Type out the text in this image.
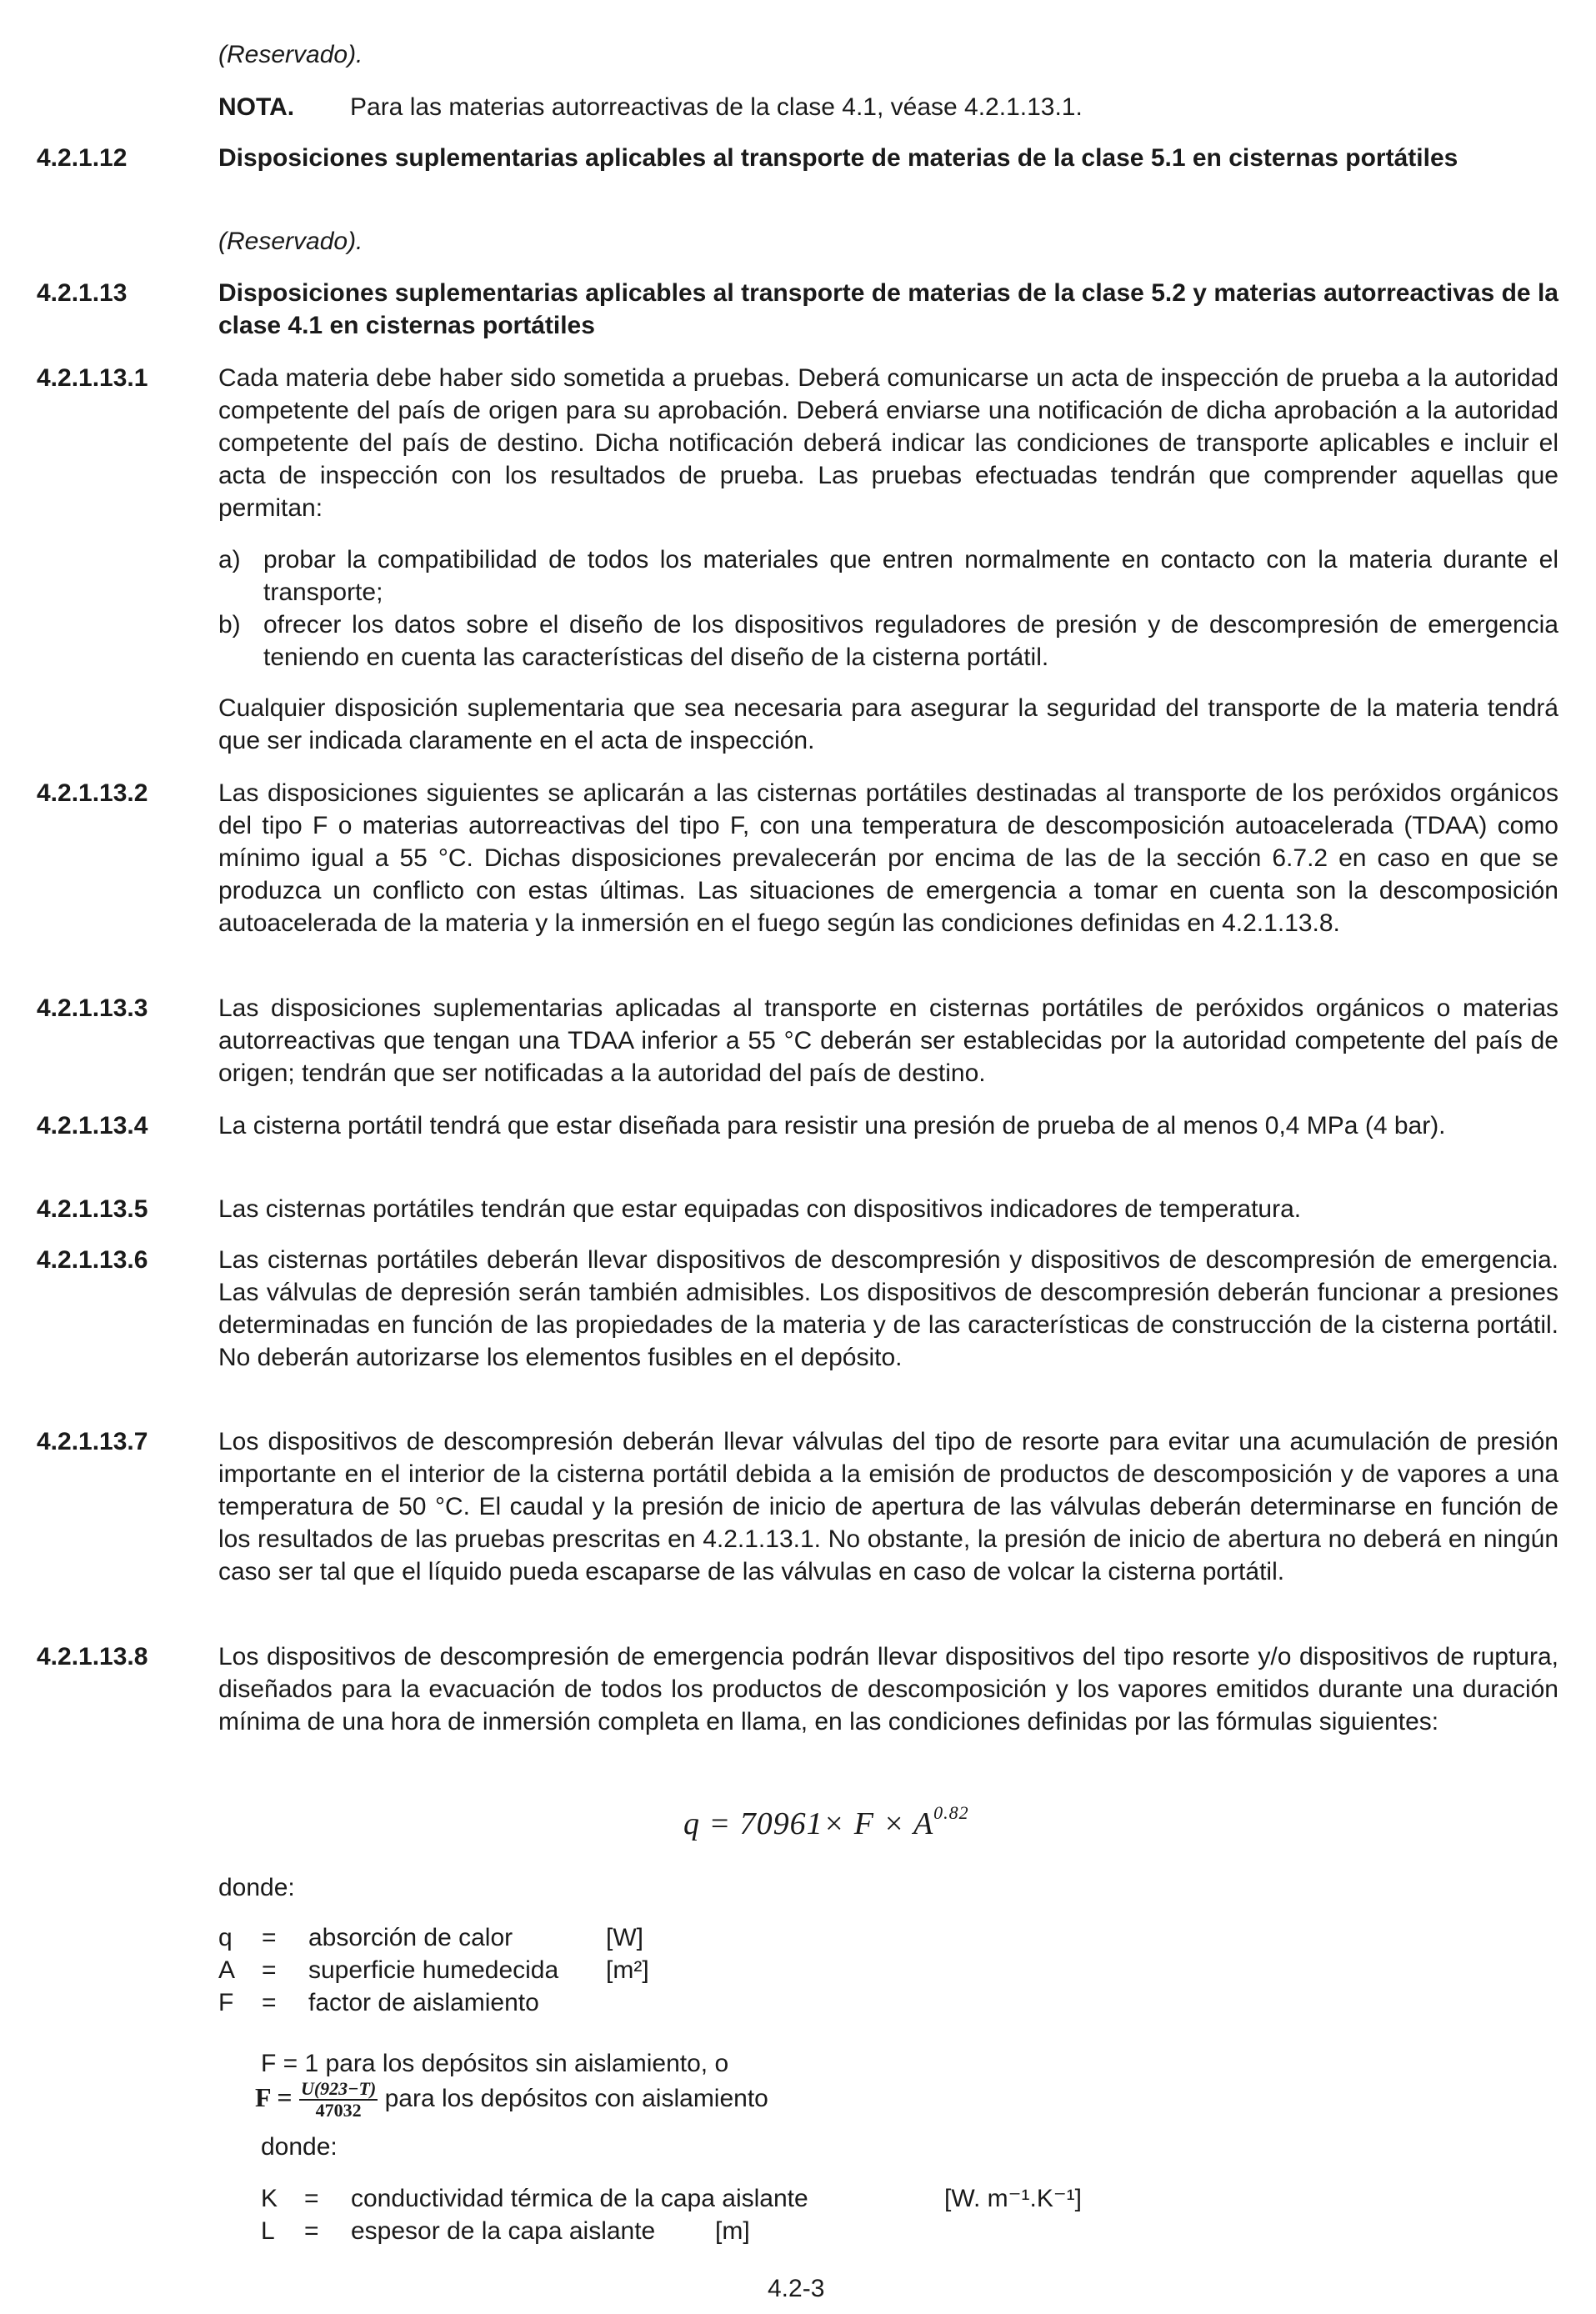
(Reservado).
NOTA. Para las materias autorreactivas de la clase 4.1, véase 4.2.1.13.1.
4.2.1.12	Disposiciones suplementarias aplicables al transporte de materias de la clase 5.1 en cisternas portátiles
(Reservado).
4.2.1.13	Disposiciones suplementarias aplicables al transporte de materias de la clase 5.2 y materias autorreactivas de la clase 4.1 en cisternas portátiles
4.2.1.13.1	Cada materia debe haber sido sometida a pruebas. Deberá comunicarse un acta de inspección de prueba a la autoridad competente del país de origen para su aprobación. Deberá enviarse una notificación de dicha aprobación a la autoridad competente del país de destino. Dicha notificación deberá indicar las condiciones de transporte aplicables e incluir el acta de inspección con los resultados de prueba. Las pruebas efectuadas tendrán que comprender aquellas que permitan:
a) probar la compatibilidad de todos los materiales que entren normalmente en contacto con la materia durante el transporte;
b) ofrecer los datos sobre el diseño de los dispositivos reguladores de presión y de descompresión de emergencia teniendo en cuenta las características del diseño de la cisterna portátil.
Cualquier disposición suplementaria que sea necesaria para asegurar la seguridad del transporte de la materia tendrá que ser indicada claramente en el acta de inspección.
4.2.1.13.2	Las disposiciones siguientes se aplicarán a las cisternas portátiles destinadas al transporte de los peróxidos orgánicos del tipo F o materias autorreactivas del tipo F, con una temperatura de descomposición autoacelerada (TDAA) como mínimo igual a 55 °C. Dichas disposiciones prevalecerán por encima de las de la sección 6.7.2 en caso en que se produzca un conflicto con estas últimas. Las situaciones de emergencia a tomar en cuenta son la descomposición autoacelerada de la materia y la inmersión en el fuego según las condiciones definidas en 4.2.1.13.8.
4.2.1.13.3	Las disposiciones suplementarias aplicadas al transporte en cisternas portátiles de peróxidos orgánicos o materias autorreactivas que tengan una TDAA inferior a 55 °C deberán ser establecidas por la autoridad competente del país de origen; tendrán que ser notificadas a la autoridad del país de destino.
4.2.1.13.4	La cisterna portátil tendrá que estar diseñada para resistir una presión de prueba de al menos 0,4 MPa (4 bar).
4.2.1.13.5	Las cisternas portátiles tendrán que estar equipadas con dispositivos indicadores de temperatura.
4.2.1.13.6	Las cisternas portátiles deberán llevar dispositivos de descompresión y dispositivos de descompresión de emergencia. Las válvulas de depresión serán también admisibles. Los dispositivos de descompresión deberán funcionar a presiones determinadas en función de las propiedades de la materia y de las características de construcción de la cisterna portátil. No deberán autorizarse los elementos fusibles en el depósito.
4.2.1.13.7	Los dispositivos de descompresión deberán llevar válvulas del tipo de resorte para evitar una acumulación de presión importante en el interior de la cisterna portátil debida a la emisión de productos de descomposición y de vapores a una temperatura de 50 °C. El caudal y la presión de inicio de apertura de las válvulas deberán determinarse en función de los resultados de las pruebas prescritas en 4.2.1.13.1. No obstante, la presión de inicio de abertura no deberá en ningún caso ser tal que el líquido pueda escaparse de las válvulas en caso de volcar la cisterna portátil.
4.2.1.13.8	Los dispositivos de descompresión de emergencia podrán llevar dispositivos del tipo resorte y/o dispositivos de ruptura, diseñados para la evacuación de todos los productos de descomposición y los vapores emitidos durante una duración mínima de una hora de inmersión completa en llama, en las condiciones definidas por las fórmulas siguientes:
$q = 70961\times F \times A^{0.82}$
donde:
q	= absorción de calor	[W]
A	= superficie humedecida [m²]
F	= factor de aislamiento
F = 1 para los depósitos sin aislamiento, o
$F = \frac{U(923-T)}{47032}$ para los depósitos con aislamiento
donde:
K	= conductividad térmica de la capa aislante	[W. m⁻¹.K⁻¹]
L	= espesor de la capa aislante [m]
4.2-3
